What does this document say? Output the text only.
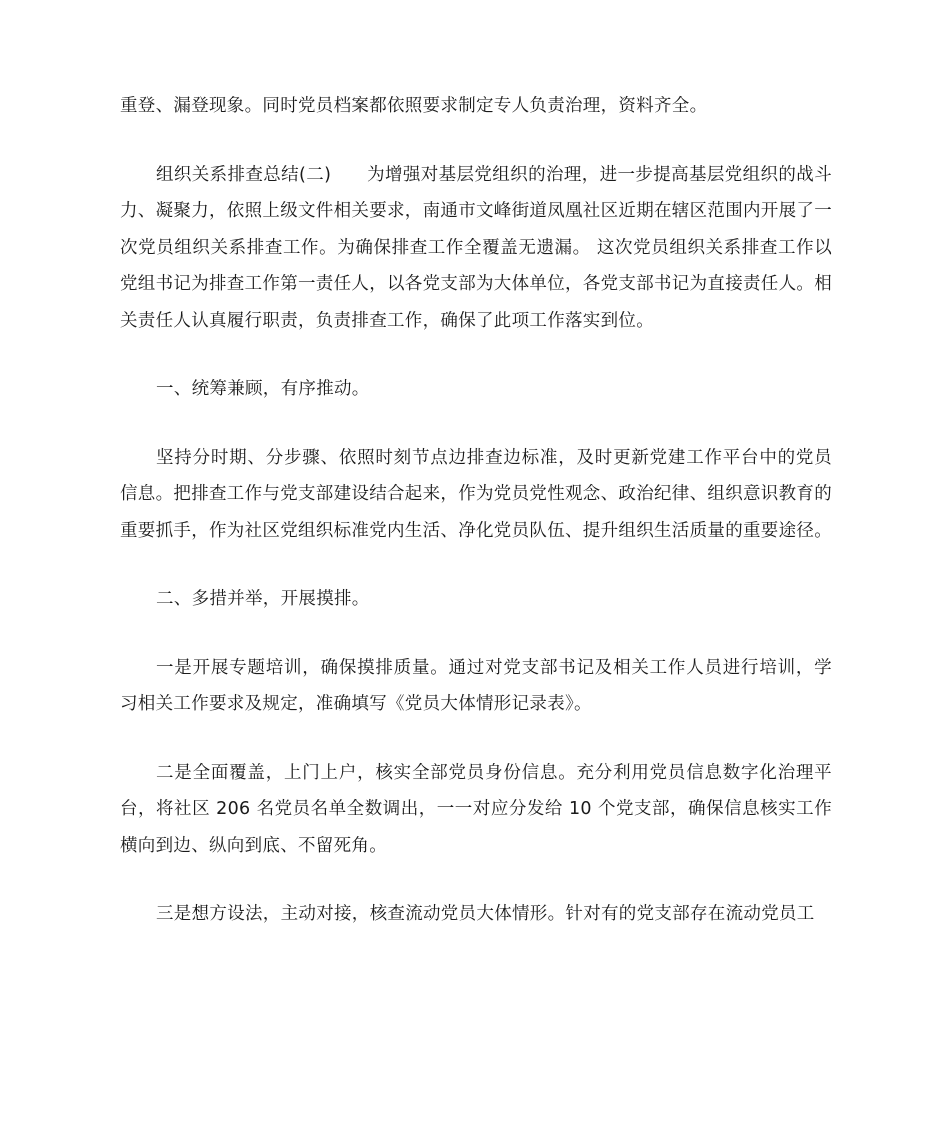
重登、漏登现象。同时党员档案都依照要求制定专人负责治理，资料齐全。

组织关系排查总结(二)　　为增强对基层党组织的治理，进一步提高基层党组织的战斗力、凝聚力，依照上级文件相关要求，南通市文峰街道凤凰社区近期在辖区范围内开展了一次党员组织关系排查工作。为确保排查工作全覆盖无遗漏。 这次党员组织关系排查工作以党组书记为排查工作第一责任人，以各党支部为大体单位，各党支部书记为直接责任人。相关责任人认真履行职责，负责排查工作，确保了此项工作落实到位。

一、统筹兼顾，有序推动。

坚持分时期、分步骤、依照时刻节点边排查边标准，及时更新党建工作平台中的党员信息。把排查工作与党支部建设结合起来，作为党员党性观念、政治纪律、组织意识教育的重要抓手，作为社区党组织标准党内生活、净化党员队伍、提升组织生活质量的重要途径。

二、多措并举，开展摸排。

一是开展专题培训，确保摸排质量。通过对党支部书记及相关工作人员进行培训，学习相关工作要求及规定，准确填写《党员大体情形记录表》。

二是全面覆盖，上门上户，核实全部党员身份信息。充分利用党员信息数字化治理平台，将社区 206 名党员名单全数调出，一一对应分发给 10 个党支部，确保信息核实工作横向到边、纵向到底、不留死角。

三是想方设法，主动对接，核查流动党员大体情形。针对有的党支部存在流动党员工
